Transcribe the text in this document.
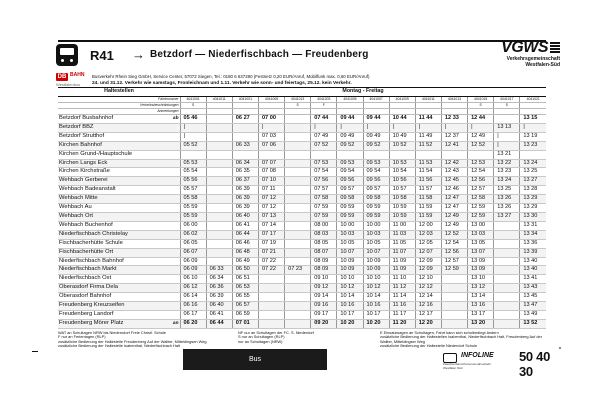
R41 → Betzdorf — Niederfischbach — Freudenberg	VGWS
Verkehrsgemeinschaft
Westfalen-Süd
DB BAHN
Westfalenbus
Busverkehr Rhein Sieg GmbH, Service Center, 57072 Siegen, Tel.: 0180 6 637280 (Festnetz 0,20 EUR/Anruf, Mobilfunk max. 0,60 EUR/Anruf)
24. und 31.12. Verkehr wie samstags, Fronleichnam und 1.11. Verkehr wie sonn- und feiertags, 25.12. kein Verkehr.
Haltestellen		Montag - Freitag													
Fahrtnummer		4041001	4041011	4041001	4041005	4041013	4041003	4041005	4041007	4041009	4041011	4041013	4041015	4041017	4041021
Verkehrsbeschränkungen		S				S	F						S	S	
Anmerkungen															
Betzdorf Busbahnhof	ab	05 46		06 27	07 00		07 44	09 44	09 44	10 44	11 44	12 33	12 44		13 15
Betzdorf BBZ		|			|		|	|	|	|	|	|	|	13 13	|
Betzdorf Strutthof		|			07 03		07 49	09 49	09 49	10 49	11 49	12 37	12 49	|	13 19
Kirchen Bahnhof		05 52		06 33	07 06		07 52	09 52	09 52	10 52	11 52	12 41	12 52	|	13 23
Kirchen Grund-/Hauptschule														13 21	
Kirchen Langs Eck		05 53		06 34	07 07		07 53	09 53	09 53	10 53	11 53	12 42	12 53	13 22	13 24
Kirchen Kirchstraße		05 54		06 35	07 08		07 54	09 54	09 54	10 54	11 54	12 43	12 54	13 23	13 25
Wehbach Gerberei		05 56		06 37	07 10		07 56	09 56	09 56	10 56	11 56	12 45	12 56	13 24	13 27
Wehbach Badeanstalt		05 57		06 39	07 11		07 57	09 57	09 57	10 57	11 57	12 46	12 57	13 25	13 28
Wehbach Mitte		05 58		06 39	07 12		07 58	09 58	09 58	10 58	11 58	12 47	12 58	13 26	13 29
Wehbach Au		05 59		06 39	07 12		07 59	09 59	09 59	10 59	11 59	12 47	12 59	13 26	13 29
Wehbach Ort		05 59		06 40	07 13		07 59	09 59	09 59	10 59	11 59	12 49	12 59	13 27	13 30
Wehbach Buchenhof		06 00		06 41	07 14		08 00	10 00	10 00	11 00	12 00	12 49	13 00		13 31
Niederfischbach Christelay		06 02		06 44	07 17		08 03	10 03	10 03	11 03	12 03	12 52	13 03		13 34
Fischbacherhütte Schule		06 05		06 46	07 19		08 05	10 05	10 05	11 05	12 05	12 54	13 05		13 36
Fischbacherhütte Ort		06 07		06 48	07 21		08 07	10 07	10 07	11 07	12 07	12 56	13 07		13 39
Niederfischbach Bahnhof		06 09		06 49	07 22		08 09	10 09	10 09	11 09	12 09	12 57	13 09		13 40
Niederfischbach Markt		06 09	06 33	06 50	07 22	07 23	08 09	10 09	10 09	11 09	12 09	12 59	13 09		13 40
Niederfischbach Ost		06 10	06 34	06 51			09 10	10 10	10 10	11 10	12 10		13 10		13 41
Oberasdorf Firma Dela		06 12	06 36	06 53			09 12	10 12	10 12	11 12	12 12		13 12		13 43
Oberasdorf Bahnhof		06 14	06 39	06 55			09 14	10 14	10 14	11 14	12 14		13 14		13 45
Freudenberg Kreuzseifen		06 16	06 40	06 57			09 16	10 16	10 16	11 16	12 16		13 16		13 47
Freudenberg Landorf		06 17	06 41	06 59			09 17	10 17	10 17	11 17	12 17		13 17		13 49
Freudenberg Mörer Platz	an	06 20	06 44	07 01			09 20	10 20	10 20	11 20	12 20		13 20		13 52
WAT an Schultagen NRW bis Niederndorf Freie Christl. Schule
F nur an Ferientagen (RLP)
zusätzliche Bedienung der Haltestelle Freudenberg Auf der Wallter, Mitteldingsen Weg
zusätzliche Bedienung der Haltestelle Isabenthal, Niederfischbach Halt
NF nur an Schultagen der FC. S. Niederdorf
S nur an Schultagen (RLP)
nur an Schultagen (NRW)
E Einsatzwagen an Schultagen, Fahrt kann sich schulbedingt ändern
zusätzliche Bedienung der Haltestellen Isabenthal, Niederfischbach Halt, Freudenberg Auf der Wallter, Mitteldingser Weg
zusätzliche Bedienung der Haltestelle Niederdorf Schule
Bus
INFOLINE 50 40 30
*
Zweckverband Personennahverkehr Westfalen Süd
